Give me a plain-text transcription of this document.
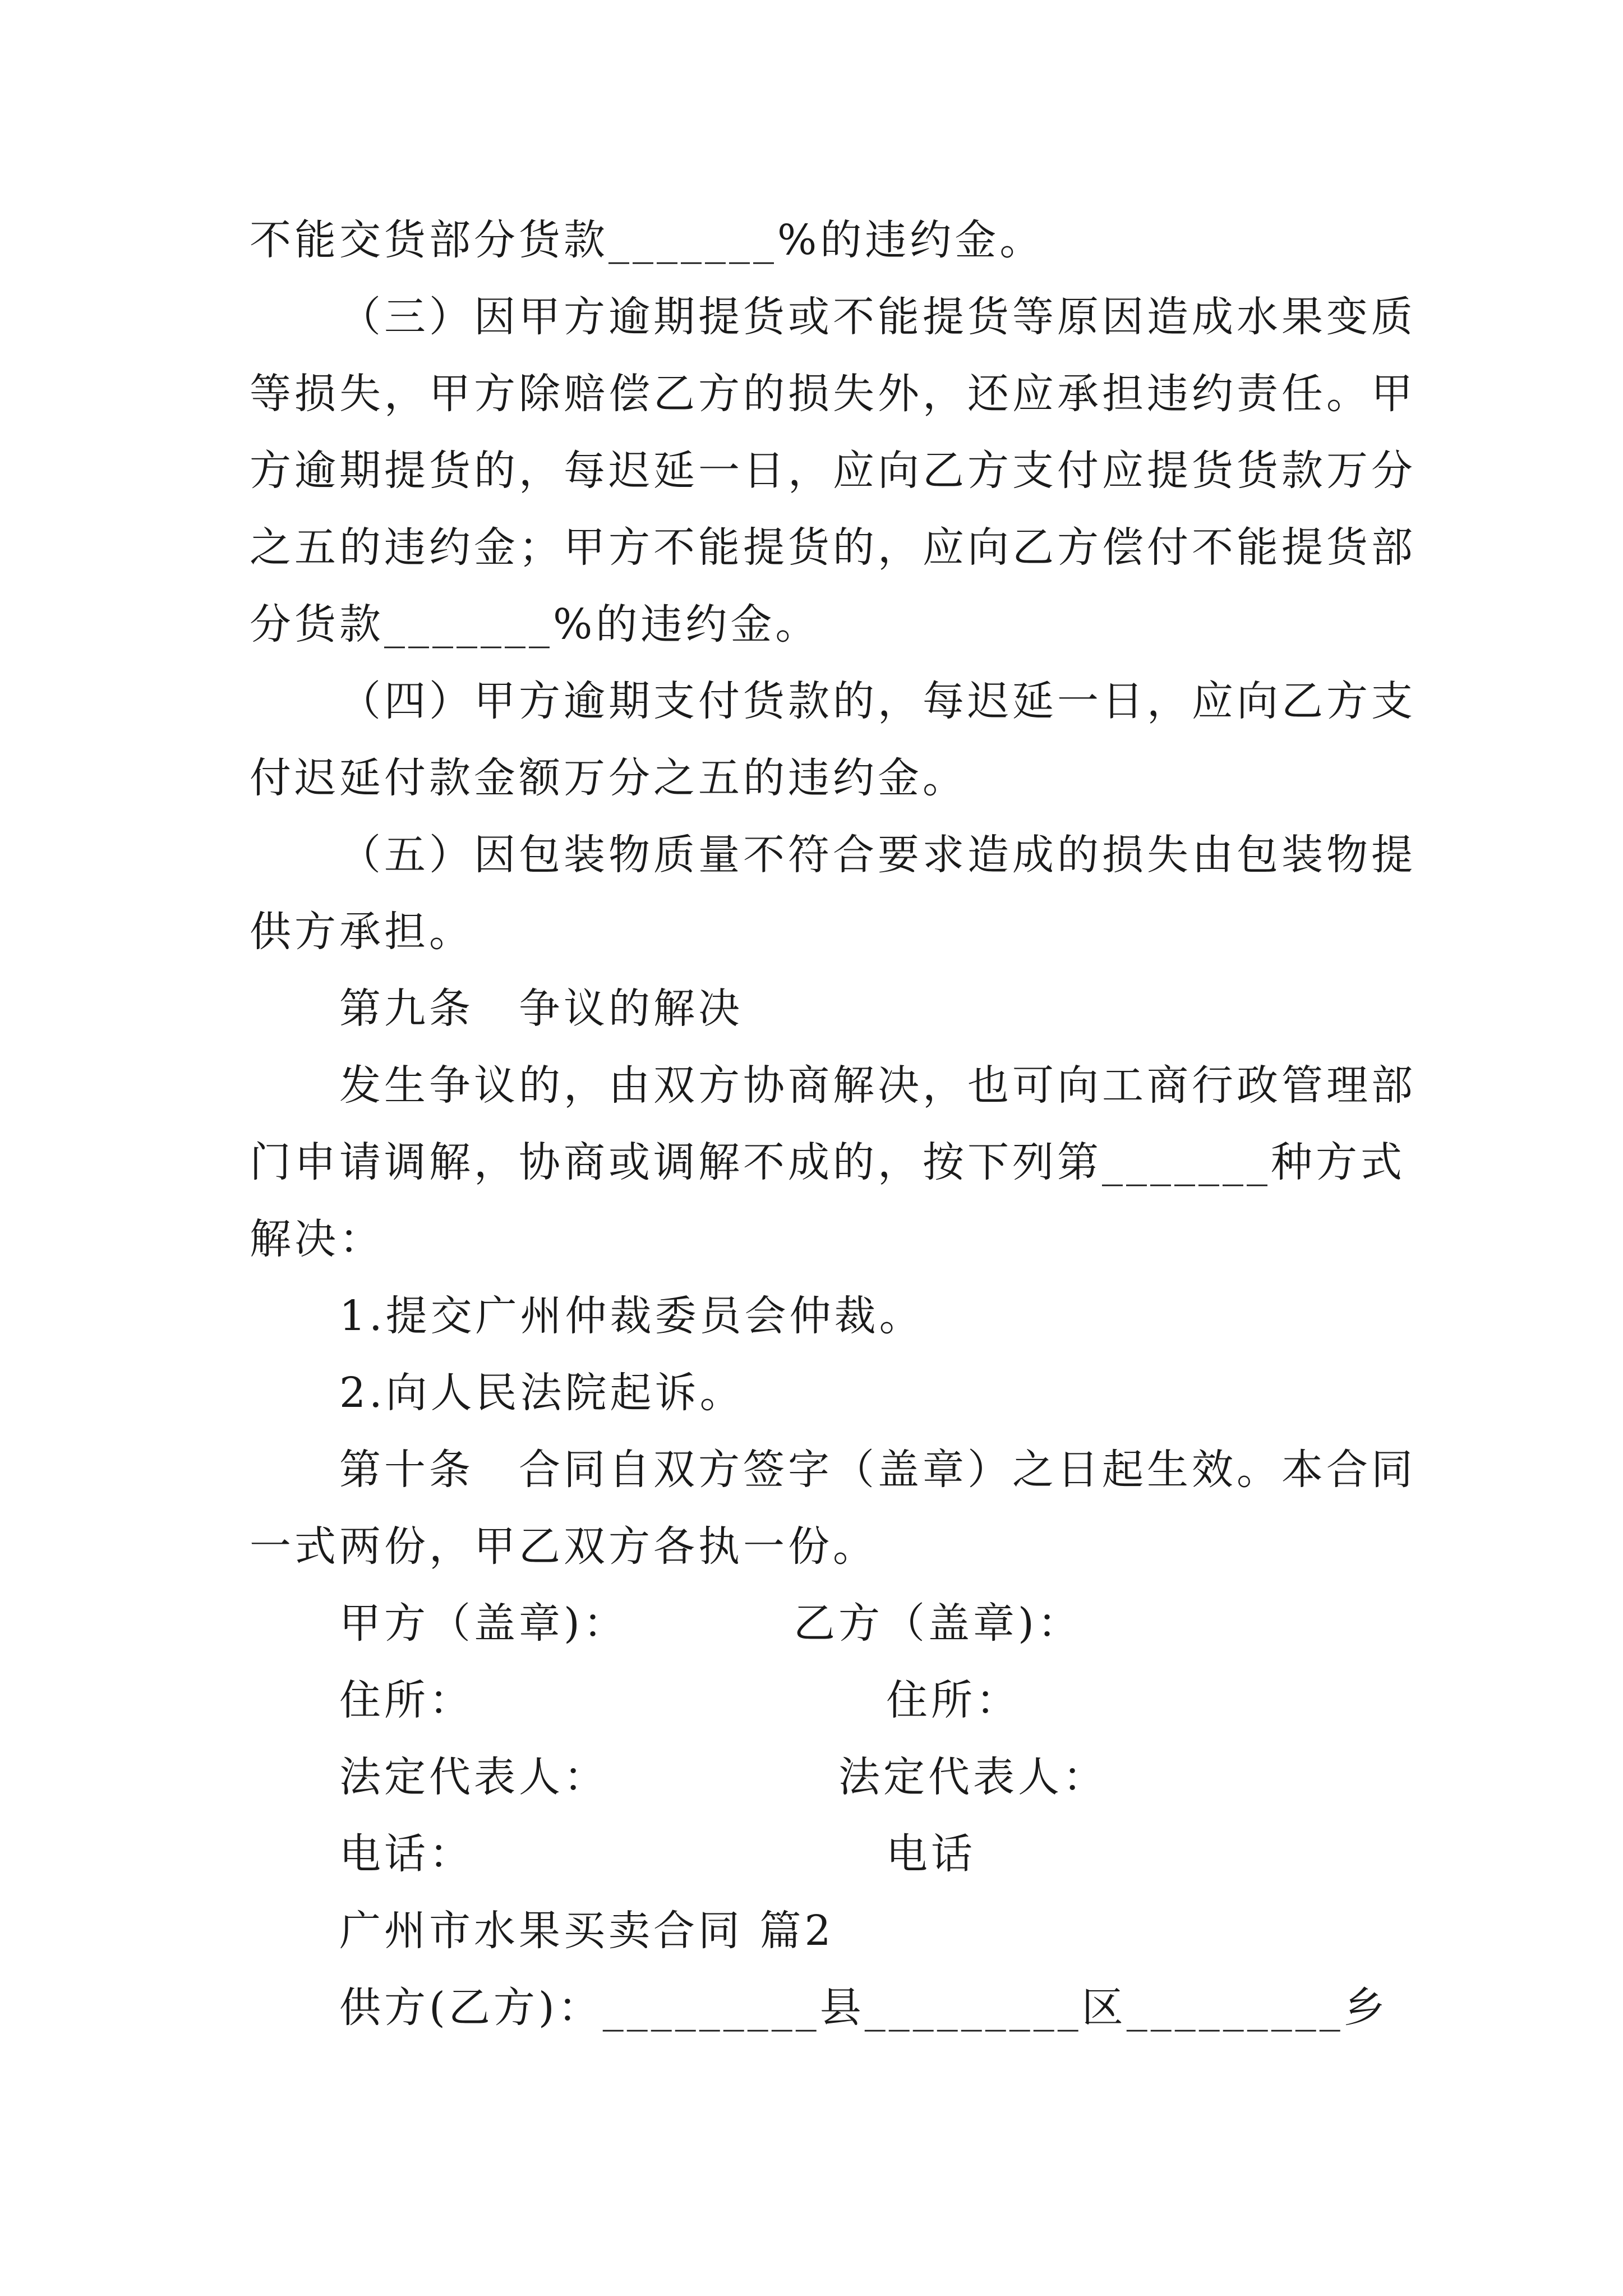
不能交货部分货款_______%的违约金。

（三）因甲方逾期提货或不能提货等原因造成水果变质

等损失，甲方除赔偿乙方的损失外，还应承担违约责任。甲

方逾期提货的，每迟延一日，应向乙方支付应提货货款万分

之五的违约金；甲方不能提货的，应向乙方偿付不能提货部

分货款_______%的违约金。

（四）甲方逾期支付货款的，每迟延一日，应向乙方支

付迟延付款金额万分之五的违约金。

（五）因包装物质量不符合要求造成的损失由包装物提

供方承担。

第九条　争议的解决

发生争议的，由双方协商解决，也可向工商行政管理部

门申请调解，协商或调解不成的，按下列第_______种方式

解决：

1.提交广州仲裁委员会仲裁。

2.向人民法院起诉。

第十条　合同自双方签字（盖章）之日起生效。本合同

一式两份，甲乙双方各执一份。

甲方（盖章)：	乙方（盖章)：
住所：	住所：
法定代表人：	法定代表人：
电话：	电话

广州市水果买卖合同 篇2

供方(乙方)：_________县_________区_________乡
